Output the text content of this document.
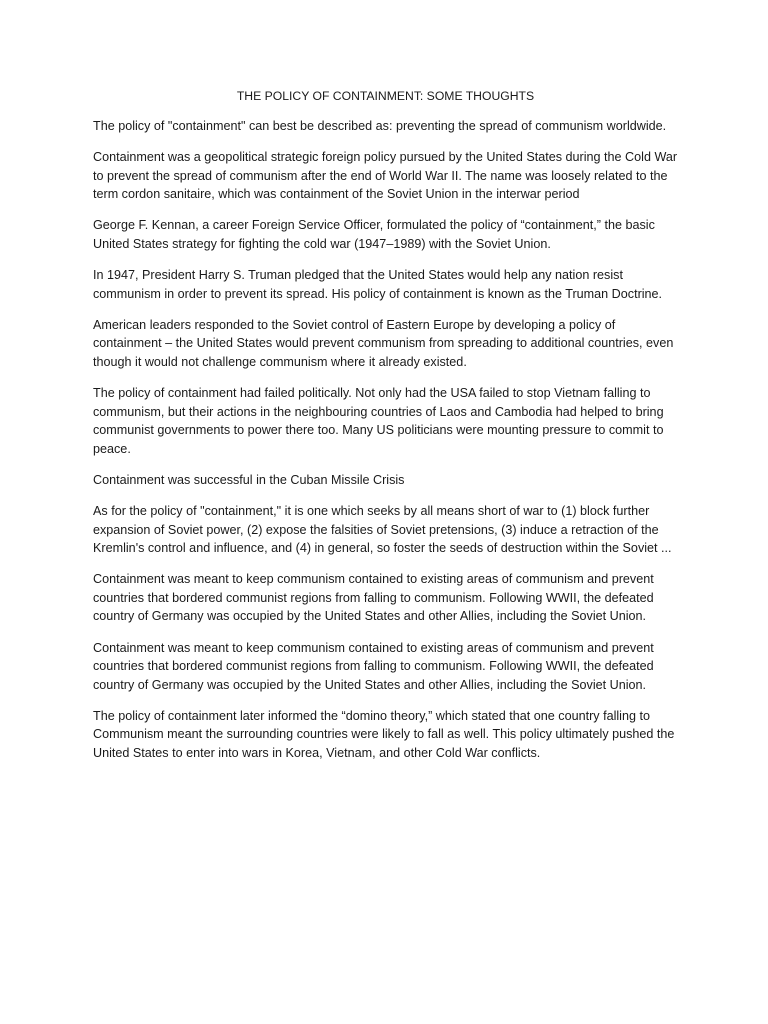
THE POLICY OF CONTAINMENT: SOME THOUGHTS

The policy of "containment" can best be described as: preventing the spread of communism worldwide.

Containment was a geopolitical strategic foreign policy pursued by the United States during the Cold War to prevent the spread of communism after the end of World War II. The name was loosely related to the term cordon sanitaire, which was containment of the Soviet Union in the interwar period

George F. Kennan, a career Foreign Service Officer, formulated the policy of “containment,” the basic United States strategy for fighting the cold war (1947–1989) with the Soviet Union.

In 1947, President Harry S. Truman pledged that the United States would help any nation resist communism in order to prevent its spread. His policy of containment is known as the Truman Doctrine.

American leaders responded to the Soviet control of Eastern Europe by developing a policy of containment – the United States would prevent communism from spreading to additional countries, even though it would not challenge communism where it already existed.

The policy of containment had failed politically. Not only had the USA failed to stop Vietnam falling to communism, but their actions in the neighbouring countries of Laos and Cambodia had helped to bring communist governments to power there too. Many US politicians were mounting pressure to commit to peace.

Containment was successful in the Cuban Missile Crisis

As for the policy of "containment," it is one which seeks by all means short of war to (1) block further expansion of Soviet power, (2) expose the falsities of Soviet pretensions, (3) induce a retraction of the Kremlin's control and influence, and (4) in general, so foster the seeds of destruction within the Soviet ...

Containment was meant to keep communism contained to existing areas of communism and prevent countries that bordered communist regions from falling to communism. Following WWII, the defeated country of Germany was occupied by the United States and other Allies, including the Soviet Union.

Containment was meant to keep communism contained to existing areas of communism and prevent countries that bordered communist regions from falling to communism. Following WWII, the defeated country of Germany was occupied by the United States and other Allies, including the Soviet Union.

The policy of containment later informed the “domino theory,” which stated that one country falling to Communism meant the surrounding countries were likely to fall as well. This policy ultimately pushed the United States to enter into wars in Korea, Vietnam, and other Cold War conflicts.
